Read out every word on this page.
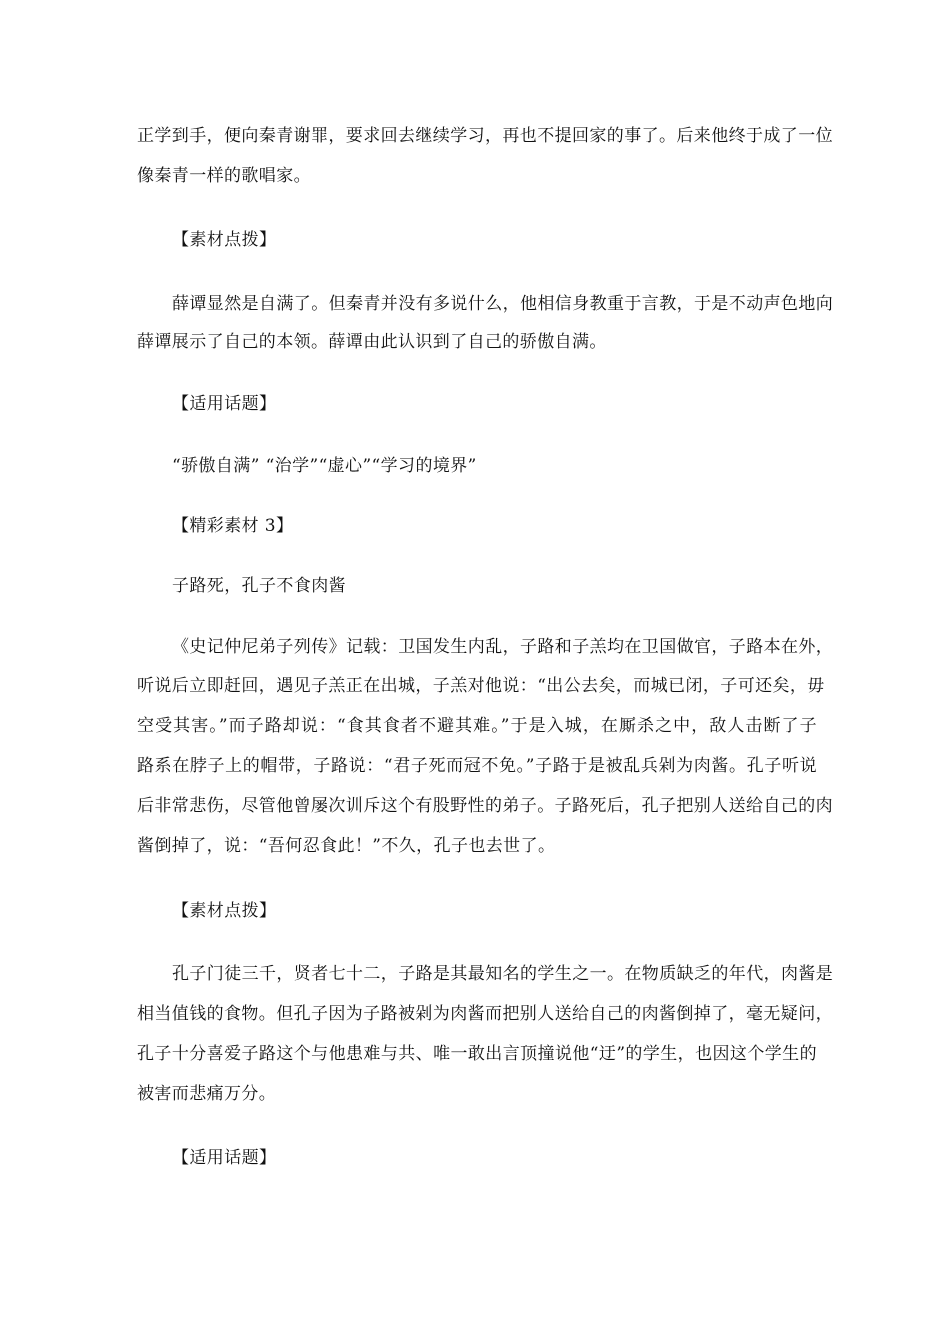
正学到手，便向秦青谢罪，要求回去继续学习，再也不提回家的事了。后来他终于成了一位
像秦青一样的歌唱家。
【素材点拨】
薛谭显然是自满了。但秦青并没有多说什么，他相信身教重于言教，于是不动声色地向
薛谭展示了自己的本领。薛谭由此认识到了自己的骄傲自满。
【适用话题】
“骄傲自满” “治学”“虚心”“学习的境界”
【精彩素材 3】
子路死，孔子不食肉酱
《史记仲尼弟子列传》记载：卫国发生内乱，子路和子羔均在卫国做官，子路本在外，
听说后立即赶回，遇见子羔正在出城，子羔对他说：“出公去矣，而城已闭，子可还矣，毋
空受其害。”而子路却说：“食其食者不避其难。”于是入城，在厮杀之中，敌人击断了子
路系在脖子上的帽带，子路说：“君子死而冠不免。”子路于是被乱兵剁为肉酱。孔子听说
后非常悲伤，尽管他曾屡次训斥这个有股野性的弟子。子路死后，孔子把别人送给自己的肉
酱倒掉了，说：“吾何忍食此！”不久，孔子也去世了。
【素材点拨】
孔子门徒三千，贤者七十二，子路是其最知名的学生之一。在物质缺乏的年代，肉酱是
相当值钱的食物。但孔子因为子路被剁为肉酱而把别人送给自己的肉酱倒掉了，毫无疑问，
孔子十分喜爱子路这个与他患难与共、唯一敢出言顶撞说他“迂”的学生，也因这个学生的
被害而悲痛万分。
【适用话题】
